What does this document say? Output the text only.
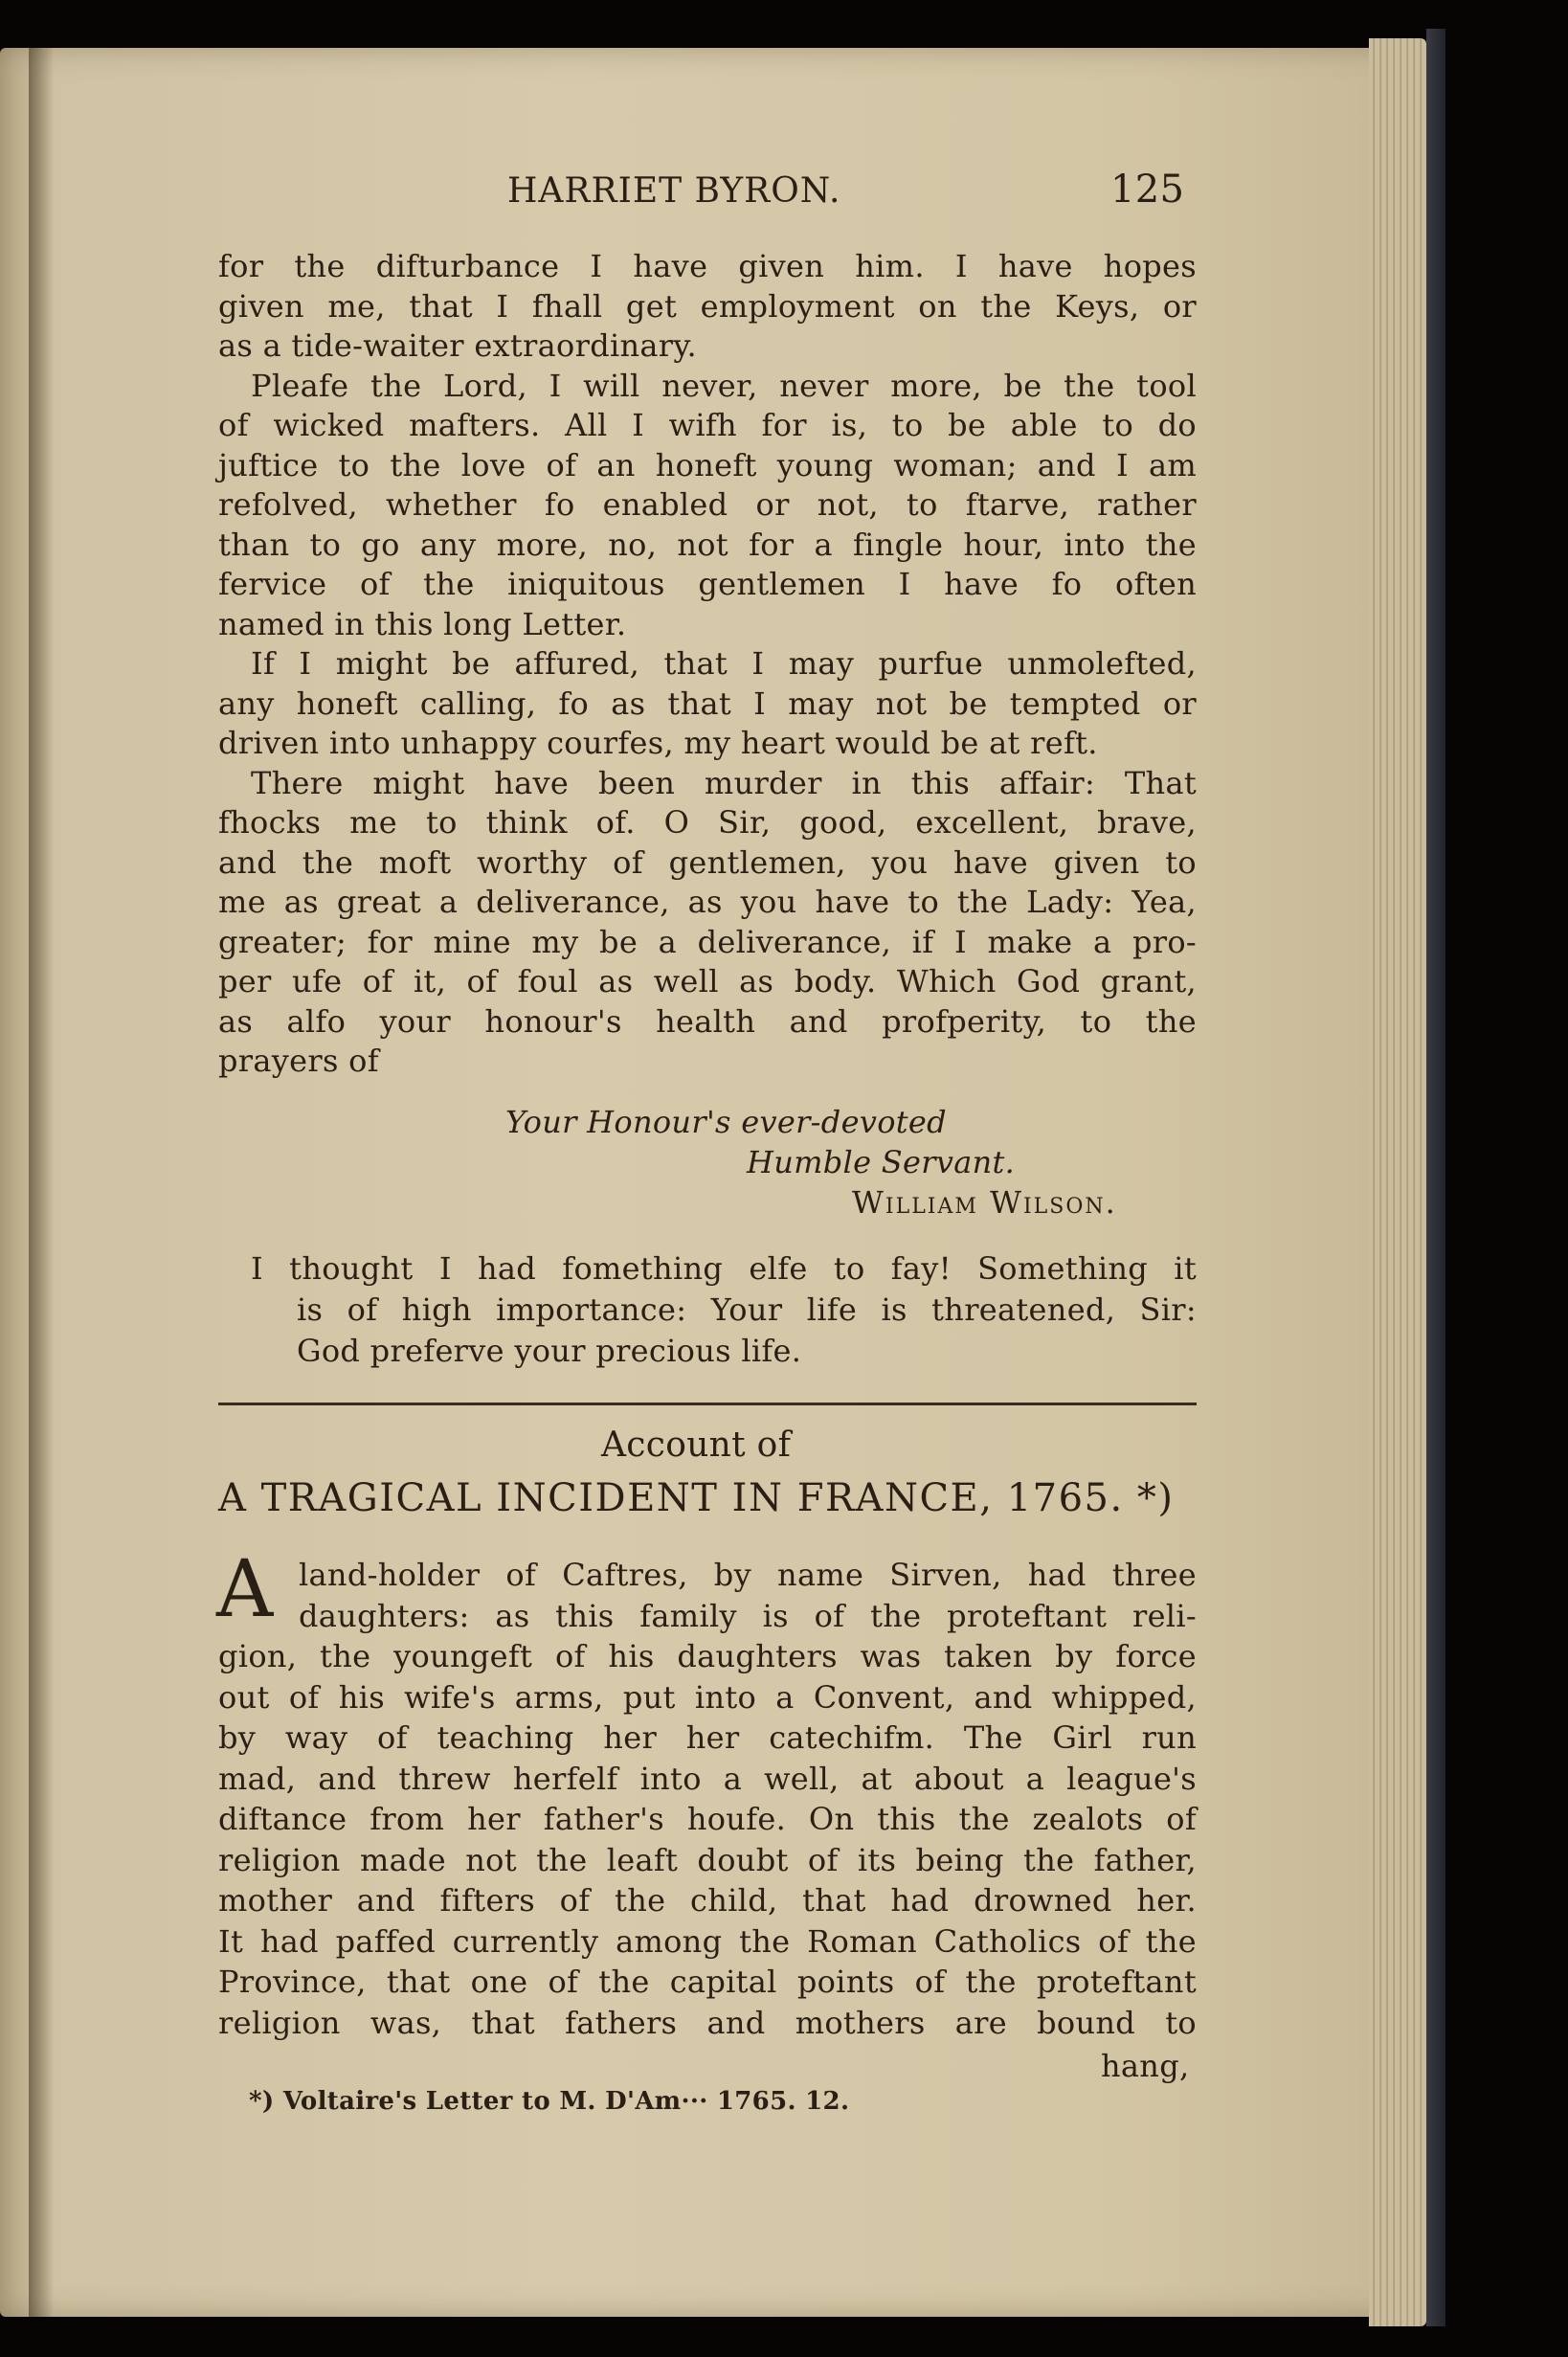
HARRIET BYRON.	125
for the difturbance I have given him. I have hopes
given me, that I fhall get employment on the Keys, or
as a tide-waiter extraordinary.
Pleafe the Lord, I will never, never more, be the tool
of wicked mafters. All I wifh for is, to be able to do
juftice to the love of an honeft young woman; and I am
refolved, whether fo enabled or not, to ftarve, rather
than to go any more, no, not for a fingle hour, into the
fervice of the iniquitous gentlemen I have fo often
named in this long Letter.
If I might be affured, that I may purfue unmolefted,
any honeft calling, fo as that I may not be tempted or
driven into unhappy courfes, my heart would be at reft.
There might have been murder in this affair: That
fhocks me to think of. O Sir, good, excellent, brave,
and the moft worthy of gentlemen, you have given to
me as great a deliverance, as you have to the Lady: Yea,
greater; for mine my be a deliverance, if I make a pro-
per ufe of it, of foul as well as body. Which God grant,
as alfo your honour's health and profperity, to the
prayers of
Your Honour's ever-devoted
Humble Servant.
William Wilson.
I thought I had fomething elfe to fay! Something it
is of high importance: Your life is threatened, Sir:
God preferve your precious life.
Account of
A TRAGICAL INCIDENT IN FRANCE, 1765. *)
A land-holder of Caftres, by name Sirven, had three
daughters: as this family is of the proteftant reli-
gion, the youngeft of his daughters was taken by force
out of his wife's arms, put into a Convent, and whipped,
by way of teaching her her catechifm. The Girl run
mad, and threw herfelf into a well, at about a league's
diftance from her father's houfe. On this the zealots of
religion made not the leaft doubt of its being the father,
mother and fifters of the child, that had drowned her.
It had paffed currently among the Roman Catholics of the
Province, that one of the capital points of the proteftant
religion was, that fathers and mothers are bound to
hang,
*) Voltaire's Letter to M. D'Am··· 1765. 12.
